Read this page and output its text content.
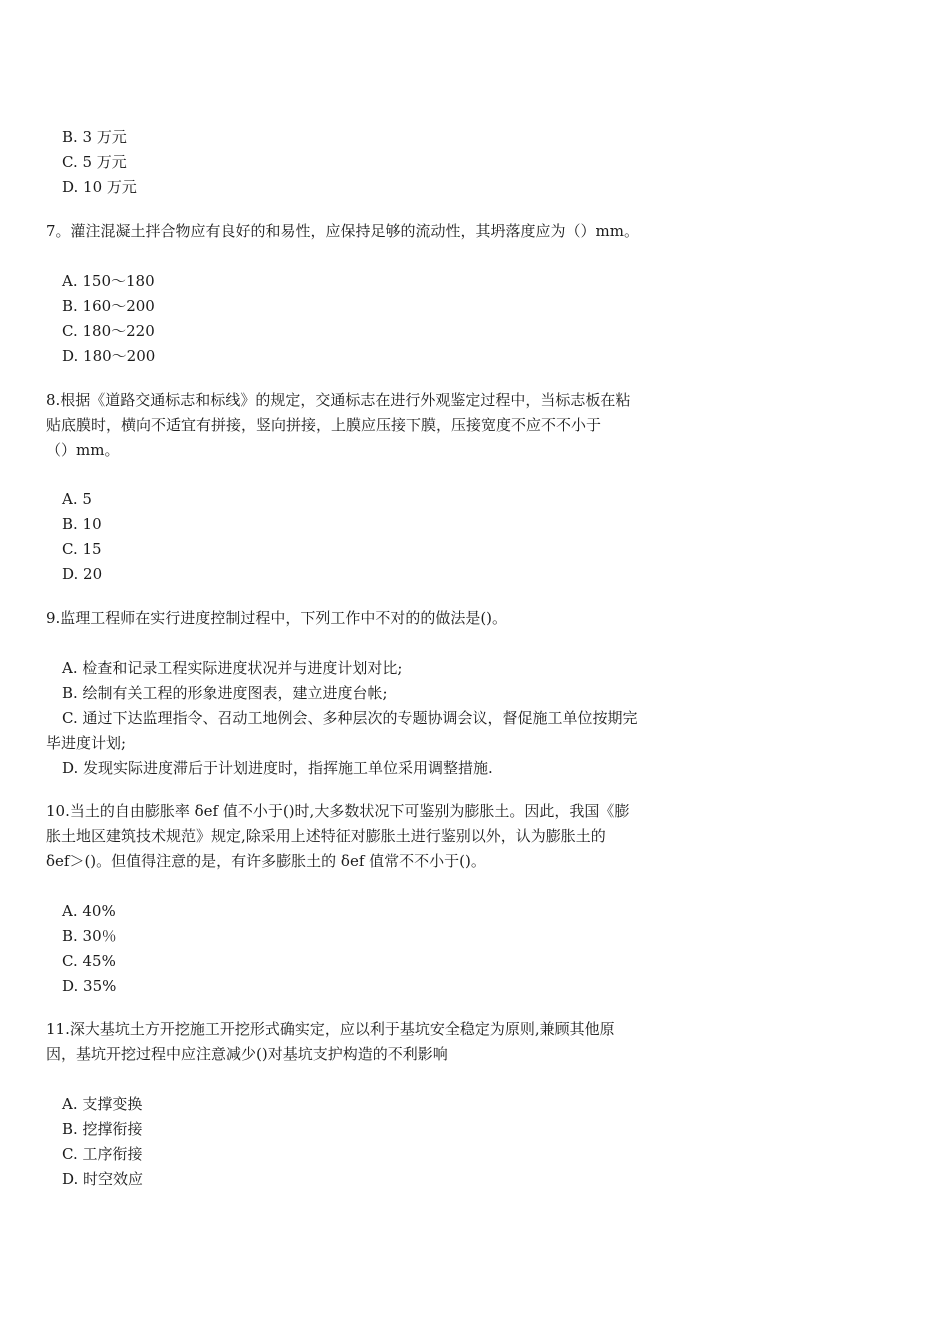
B. 3 万元
C. 5 万元
D. 10 万元
7。灌注混凝土拌合物应有良好的和易性，应保持足够的流动性，其坍落度应为（）mm。
A. 150～180
B. 160～200
C. 180～220
D. 180～200
8.根据《道路交通标志和标线》的规定，交通标志在进行外观鉴定过程中，当标志板在粘
贴底膜时，横向不适宜有拼接，竖向拼接，上膜应压接下膜，压接宽度不应不不小于
（）mm。
A. 5
B. 10
C. 15
D. 20
9.监理工程师在实行进度控制过程中，下列工作中不对的的做法是()。
A. 检查和记录工程实际进度状况并与进度计划对比;
B. 绘制有关工程的形象进度图表，建立进度台帐;
C. 通过下达监理指令、召动工地例会、多种层次的专题协调会议，督促施工单位按期完
毕进度计划;
D. 发现实际进度滞后于计划进度时，指挥施工单位采用调整措施.
10.当土的自由膨胀率 δef 值不小于()时,大多数状况下可鉴别为膨胀土。因此，我国《膨
胀土地区建筑技术规范》规定,除采用上述特征对膨胀土进行鉴别以外，认为膨胀土的
δef＞()。但值得注意的是，有许多膨胀土的 δef 值常不不小于()。
A. 40%
B. 30％
C. 45%
D. 35%
11.深大基坑土方开挖施工开挖形式确实定，应以利于基坑安全稳定为原则,兼顾其他原
因，基坑开挖过程中应注意减少()对基坑支护构造的不利影响
A. 支撑变换
B. 挖撑衔接
C. 工序衔接
D. 时空效应
